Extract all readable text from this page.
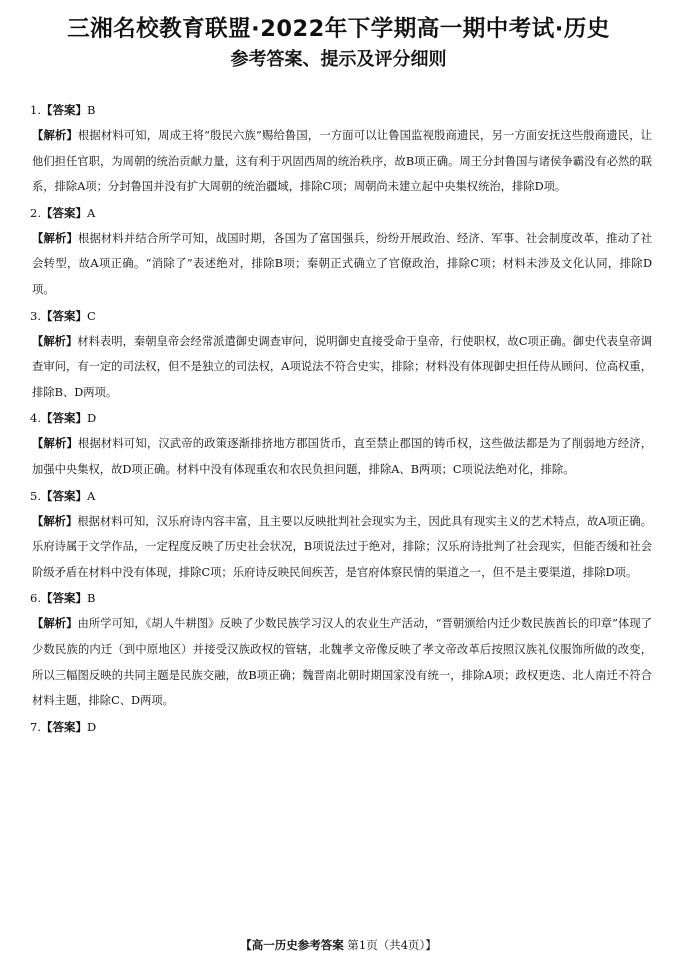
三湘名校教育联盟·2022年下学期高一期中考试·历史
参考答案、提示及评分细则
1.【答案】B
【解析】根据材料可知，周成王将“殷民六族”赐给鲁国，一方面可以让鲁国监视殷商遗民，另一方面安抚这些殷商遗民，让他们担任官职，为周朝的统治贡献力量，这有利于巩固西周的统治秩序，故B项正确。周王分封鲁国与诸侯争霸没有必然的联系，排除A项；分封鲁国并没有扩大周朝的统治疆域，排除C项；周朝尚未建立起中央集权统治，排除D项。
2.【答案】A
【解析】根据材料并结合所学可知，战国时期，各国为了富国强兵，纷纷开展政治、经济、军事、社会制度改革，推动了社会转型，故A项正确。“消除了”表述绝对，排除B项；秦朝正式确立了官僚政治，排除C项；材料未涉及文化认同，排除D项。
3.【答案】C
【解析】材料表明，秦朝皇帝会经常派遣御史调查审问，说明御史直接受命于皇帝，行使职权，故C项正确。御史代表皇帝调查审问，有一定的司法权，但不是独立的司法权，A项说法不符合史实，排除；材料没有体现御史担任侍从顾问、位高权重，排除B、D两项。
4.【答案】D
【解析】根据材料可知，汉武帝的政策逐渐排挤地方郡国货币，直至禁止郡国的铸币权，这些做法都是为了削弱地方经济，加强中央集权，故D项正确。材料中没有体现重农和农民负担问题，排除A、B两项；C项说法绝对化，排除。
5.【答案】A
【解析】根据材料可知，汉乐府诗内容丰富，且主要以反映批判社会现实为主，因此具有现实主义的艺术特点，故A项正确。乐府诗属于文学作品，一定程度反映了历史社会状况，B项说法过于绝对，排除；汉乐府诗批判了社会现实，但能否缓和社会阶级矛盾在材料中没有体现，排除C项；乐府诗反映民间疾苦，是官府体察民情的渠道之一，但不是主要渠道，排除D项。
6.【答案】B
【解析】由所学可知，《胡人牛耕图》反映了少数民族学习汉人的农业生产活动，“晋朝颁给内迁少数民族酋长的印章”体现了少数民族的内迁（到中原地区）并接受汉族政权的管辖，北魏孝文帝像反映了孝文帝改革后按照汉族礼仪服饰所做的改变，所以三幅图反映的共同主题是民族交融，故B项正确；魏晋南北朝时期国家没有统一，排除A项；政权更迭、北人南迁不符合材料主题，排除C、D两项。
7.【答案】D
【高一历史参考答案 第1页（共4页）】
